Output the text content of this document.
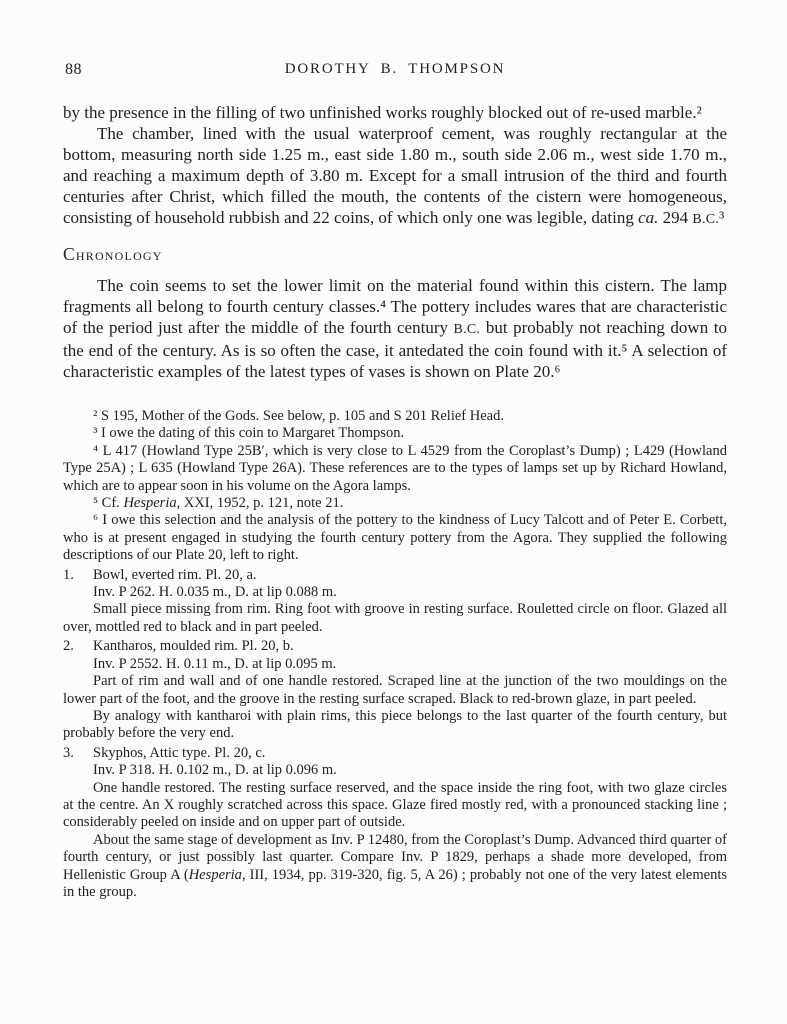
88	DOROTHY B. THOMPSON

by the presence in the filling of two unfinished works roughly blocked out of re-used marble.²

The chamber, lined with the usual waterproof cement, was roughly rectangular at the bottom, measuring north side 1.25 m., east side 1.80 m., south side 2.06 m., west side 1.70 m., and reaching a maximum depth of 3.80 m. Except for a small intrusion of the third and fourth centuries after Christ, which filled the mouth, the contents of the cistern were homogeneous, consisting of household rubbish and 22 coins, of which only one was legible, dating ca. 294 B.C.³

Chronology

The coin seems to set the lower limit on the material found within this cistern. The lamp fragments all belong to fourth century classes.⁴ The pottery includes wares that are characteristic of the period just after the middle of the fourth century B.C. but probably not reaching down to the end of the century. As is so often the case, it antedated the coin found with it.⁵ A selection of characteristic examples of the latest types of vases is shown on Plate 20.⁶

² S 195, Mother of the Gods. See below, p. 105 and S 201 Relief Head.

³ I owe the dating of this coin to Margaret Thompson.

⁴ L 417 (Howland Type 25B′, which is very close to L 4529 from the Coroplast’s Dump) ; L429 (Howland Type 25A) ; L 635 (Howland Type 26A). These references are to the types of lamps set up by Richard Howland, which are to appear soon in his volume on the Agora lamps.

⁵ Cf. Hesperia, XXI, 1952, p. 121, note 21.

⁶ I owe this selection and the analysis of the pottery to the kindness of Lucy Talcott and of Peter E. Corbett, who is at present engaged in studying the fourth century pottery from the Agora. They supplied the following descriptions of our Plate 20, left to right.

1. Bowl, everted rim. Pl. 20, a.

Inv. P 262. H. 0.035 m., D. at lip 0.088 m.

Small piece missing from rim. Ring foot with groove in resting surface. Rouletted circle on floor. Glazed all over, mottled red to black and in part peeled.

2. Kantharos, moulded rim. Pl. 20, b.

Inv. P 2552. H. 0.11 m., D. at lip 0.095 m.

Part of rim and wall and of one handle restored. Scraped line at the junction of the two mouldings on the lower part of the foot, and the groove in the resting surface scraped. Black to red-brown glaze, in part peeled.

By analogy with kantharoi with plain rims, this piece belongs to the last quarter of the fourth century, but probably before the very end.

3. Skyphos, Attic type. Pl. 20, c.

Inv. P 318. H. 0.102 m., D. at lip 0.096 m.

One handle restored. The resting surface reserved, and the space inside the ring foot, with two glaze circles at the centre. An X roughly scratched across this space. Glaze fired mostly red, with a pronounced stacking line ; considerably peeled on inside and on upper part of outside.

About the same stage of development as Inv. P 12480, from the Coroplast’s Dump. Advanced third quarter of fourth century, or just possibly last quarter. Compare Inv. P 1829, perhaps a shade more developed, from Hellenistic Group A (Hesperia, III, 1934, pp. 319-320, fig. 5, A 26) ; probably not one of the very latest elements in the group.
